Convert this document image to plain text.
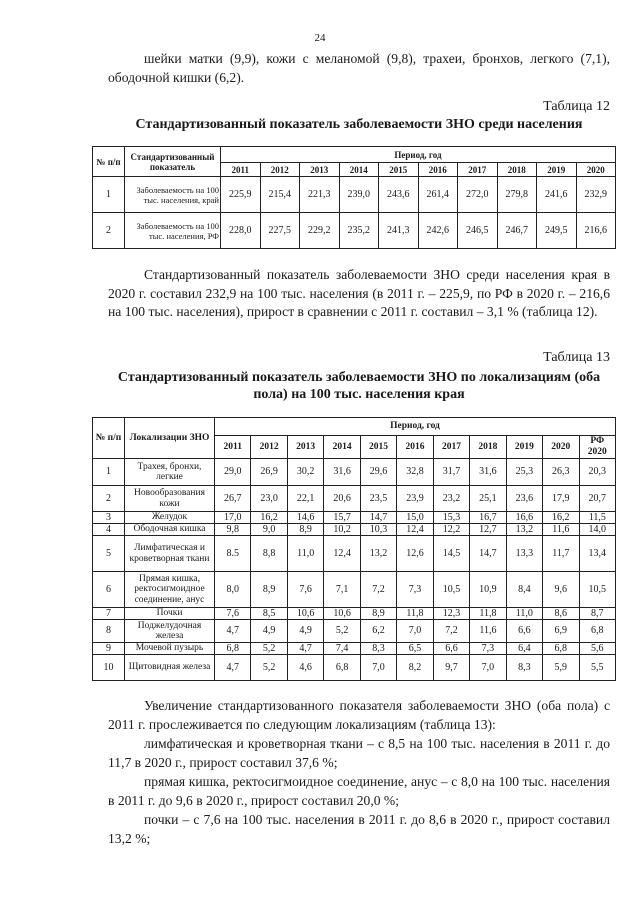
24

шейки матки (9,9), кожи с меланомой (9,8), трахеи, бронхов, легкого (7,1), ободочной кишки (6,2).

Таблица 12
Стандартизованный показатель заболеваемости ЗНО среди населения
№ п/п	Стандартизованный показатель	Период, год									
		2011	2012	2013	2014	2015	2016	2017	2018	2019	2020
1	Заболеваемость на 100 тыс. населения, край	225,9	215,4	221,3	239,0	243,6	261,4	272,0	279,8	241,6	232,9
2	Заболеваемость на 100 тыс. населения, РФ	228,0	227,5	229,2	235,2	241,3	242,6	246,5	246,7	249,5	216,6

Стандартизованный показатель заболеваемости ЗНО среди населения края в 2020 г. составил 232,9 на 100 тыс. населения (в 2011 г. – 225,9, по РФ в 2020 г. – 216,6 на 100 тыс. населения), прирост в сравнении с 2011 г. составил – 3,1 % (таблица 12).

Таблица 13
Стандартизованный показатель заболеваемости ЗНО по локализациям (оба пола) на 100 тыс. населения края
№ п/п	Локализации ЗНО	Период, год										
		2011	2012	2013	2014	2015	2016	2017	2018	2019	2020	РФ 2020
1	Трахея, бронхи, легкие	29,0	26,9	30,2	31,6	29,6	32,8	31,7	31,6	25,3	26,3	20,3
2	Новообразования кожи	26,7	23,0	22,1	20,6	23,5	23,9	23,2	25,1	23,6	17,9	20,7
3	Желудок	17,0	16,2	14,6	15,7	14,7	15,0	15,3	16,7	16,6	16,2	11,5
4	Ободочная кишка	9,8	9,0	8,9	10,2	10,3	12,4	12,2	12,7	13,2	11,6	14,0
5	Лимфатическая и кроветворная ткани	8.5	8,8	11,0	12,4	13,2	12,6	14,5	14,7	13,3	11,7	13,4
6	Прямая кишка, ректосигмоидное соединение, анус	8,0	8,9	7,6	7,1	7,2	7,3	10,5	10,9	8,4	9,6	10,5
7	Почки	7,6	8,5	10,6	10,6	8,9	11,8	12,3	11,8	11,0	8,6	8,7
8	Поджелудочная железа	4,7	4,9	4,9	5,2	6,2	7,0	7,2	11,6	6,6	6,9	6,8
9	Мочевой пузырь	6,8	5,2	4,7	7,4	8,3	6,5	6,6	7,3	6,4	6,8	5,6
10	Щитовидная железа	4,7	5,2	4,6	6,8	7,0	8,2	9,7	7,0	8,3	5,9	5,5

Увеличение стандартизованного показателя заболеваемости ЗНО (оба пола) с 2011 г. прослеживается по следующим локализациям (таблица 13):

лимфатическая и кроветворная ткани – с 8,5 на 100 тыс. населения в 2011 г. до 11,7 в 2020 г., прирост составил 37,6 %;

прямая кишка, ректосигмоидное соединение, анус – с 8,0 на 100 тыс. населения в 2011 г. до 9,6 в 2020 г., прирост составил 20,0 %;

почки – с 7,6 на 100 тыс. населения в 2011 г. до 8,6 в 2020 г., прирост составил 13,2 %;
